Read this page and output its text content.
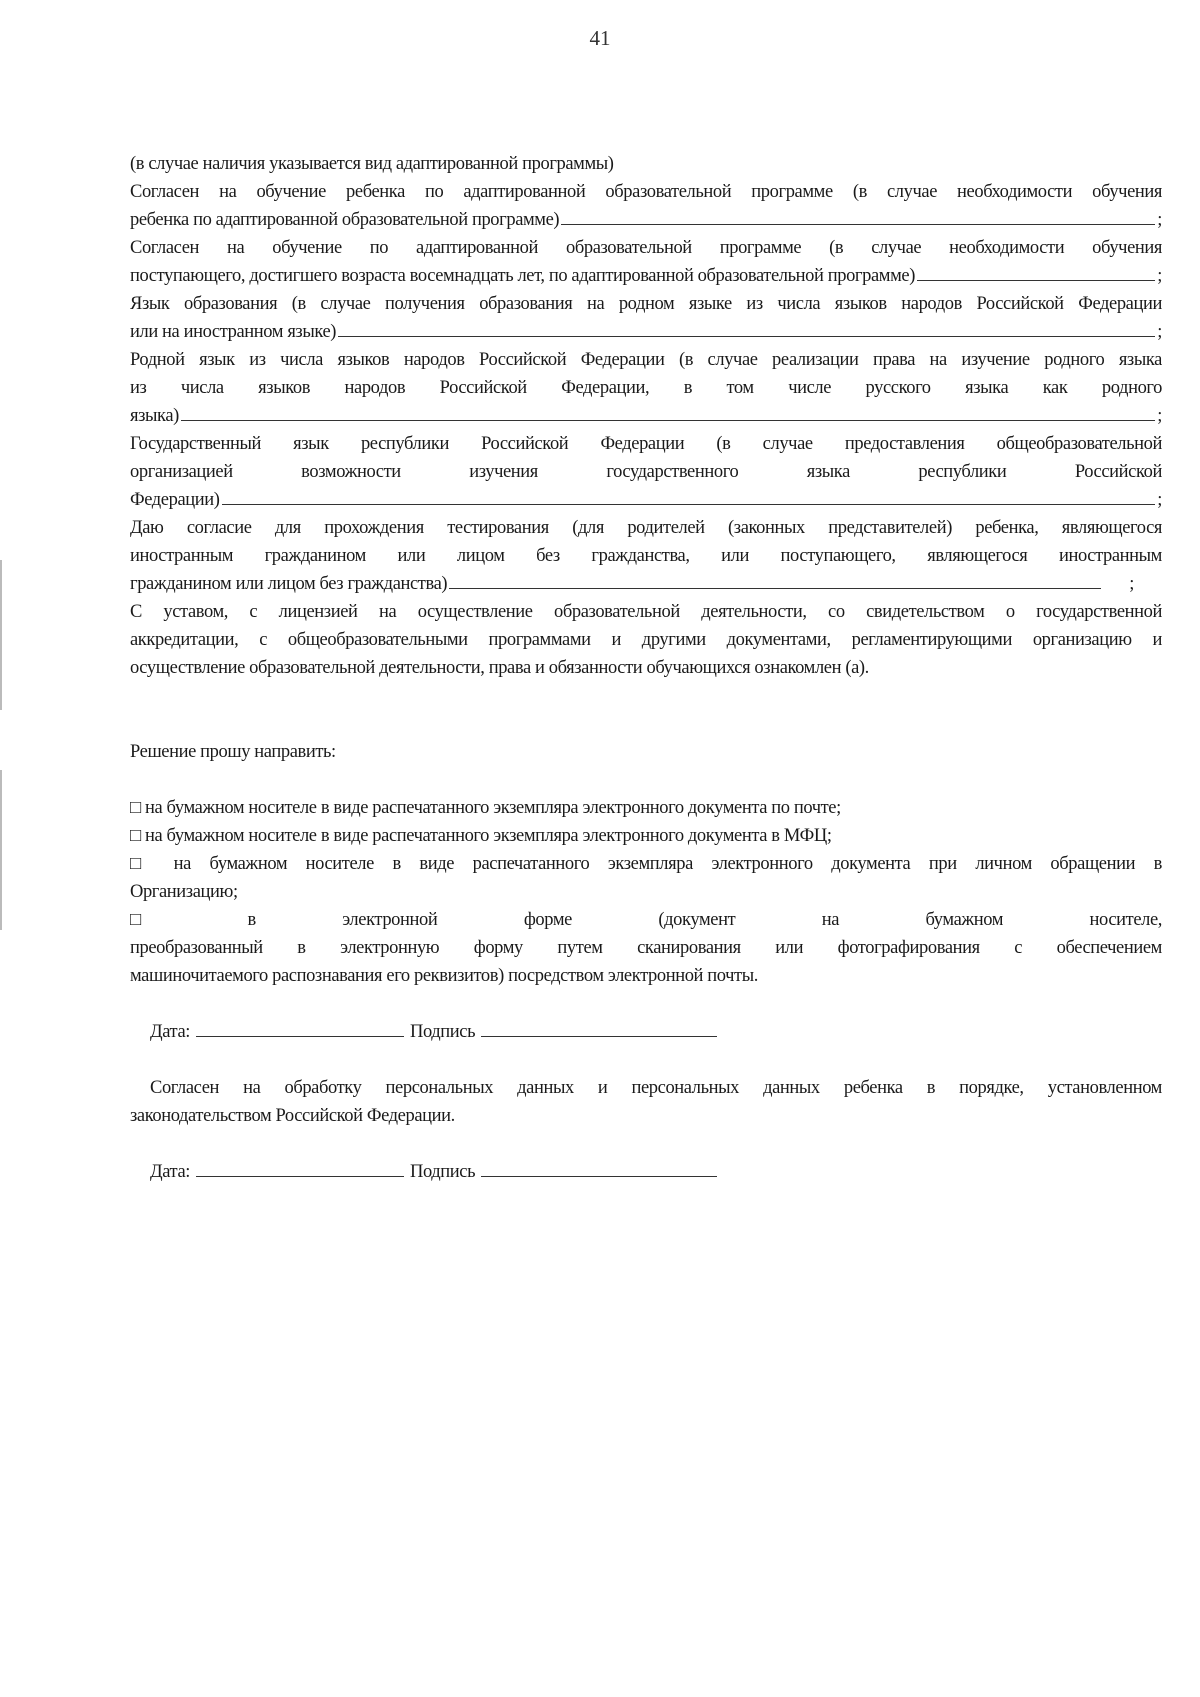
41
(в случае наличия указывается вид адаптированной программы)
Согласен на обучение ребенка по адаптированной образовательной программе (в случае необходимости обучения
ребенка по адаптированной образовательной программе)	;
Согласен на обучение по адаптированной образовательной программе (в случае необходимости обучения
поступающего, достигшего возраста восемнадцать лет, по адаптированной образовательной программе)	;
Язык образования (в случае получения образования на родном языке из числа языков народов Российской Федерации
или на иностранном языке)	;
Родной язык из числа языков народов Российской Федерации (в случае реализации права на изучение родного языка
из числа языков народов Российской Федерации, в том числе русского языка как родного
языка)	;
Государственный язык республики Российской Федерации (в случае предоставления общеобразовательной
организацией возможности изучения государственного языка республики Российской
Федерации)	;
Даю согласие для прохождения тестирования (для родителей (законных представителей) ребенка, являющегося
иностранным гражданином или лицом без гражданства, или поступающего, являющегося иностранным
гражданином или лицом без гражданства)	;
С уставом, с лицензией на осуществление образовательной деятельности, со свидетельством о государственной
аккредитации, с общеобразовательными программами и другими документами, регламентирующими организацию и
осуществление образовательной деятельности, права и обязанности обучающихся ознакомлен (а).
Решение прошу направить:
□ на бумажном носителе в виде распечатанного экземпляра электронного документа по почте;
□ на бумажном носителе в виде распечатанного экземпляра электронного документа в МФЦ;
□ на бумажном носителе в виде распечатанного экземпляра электронного документа при личном обращении в
Организацию;
□ в электронной форме (документ на бумажном носителе,
преобразованный в электронную форму путем сканирования или фотографирования с обеспечением
машиночитаемого распознавания его реквизитов) посредством электронной почты.
Дата:	Подпись
Согласен на обработку персональных данных и персональных данных ребенка в порядке, установленном
законодательством Российской Федерации.
Дата:	Подпись
